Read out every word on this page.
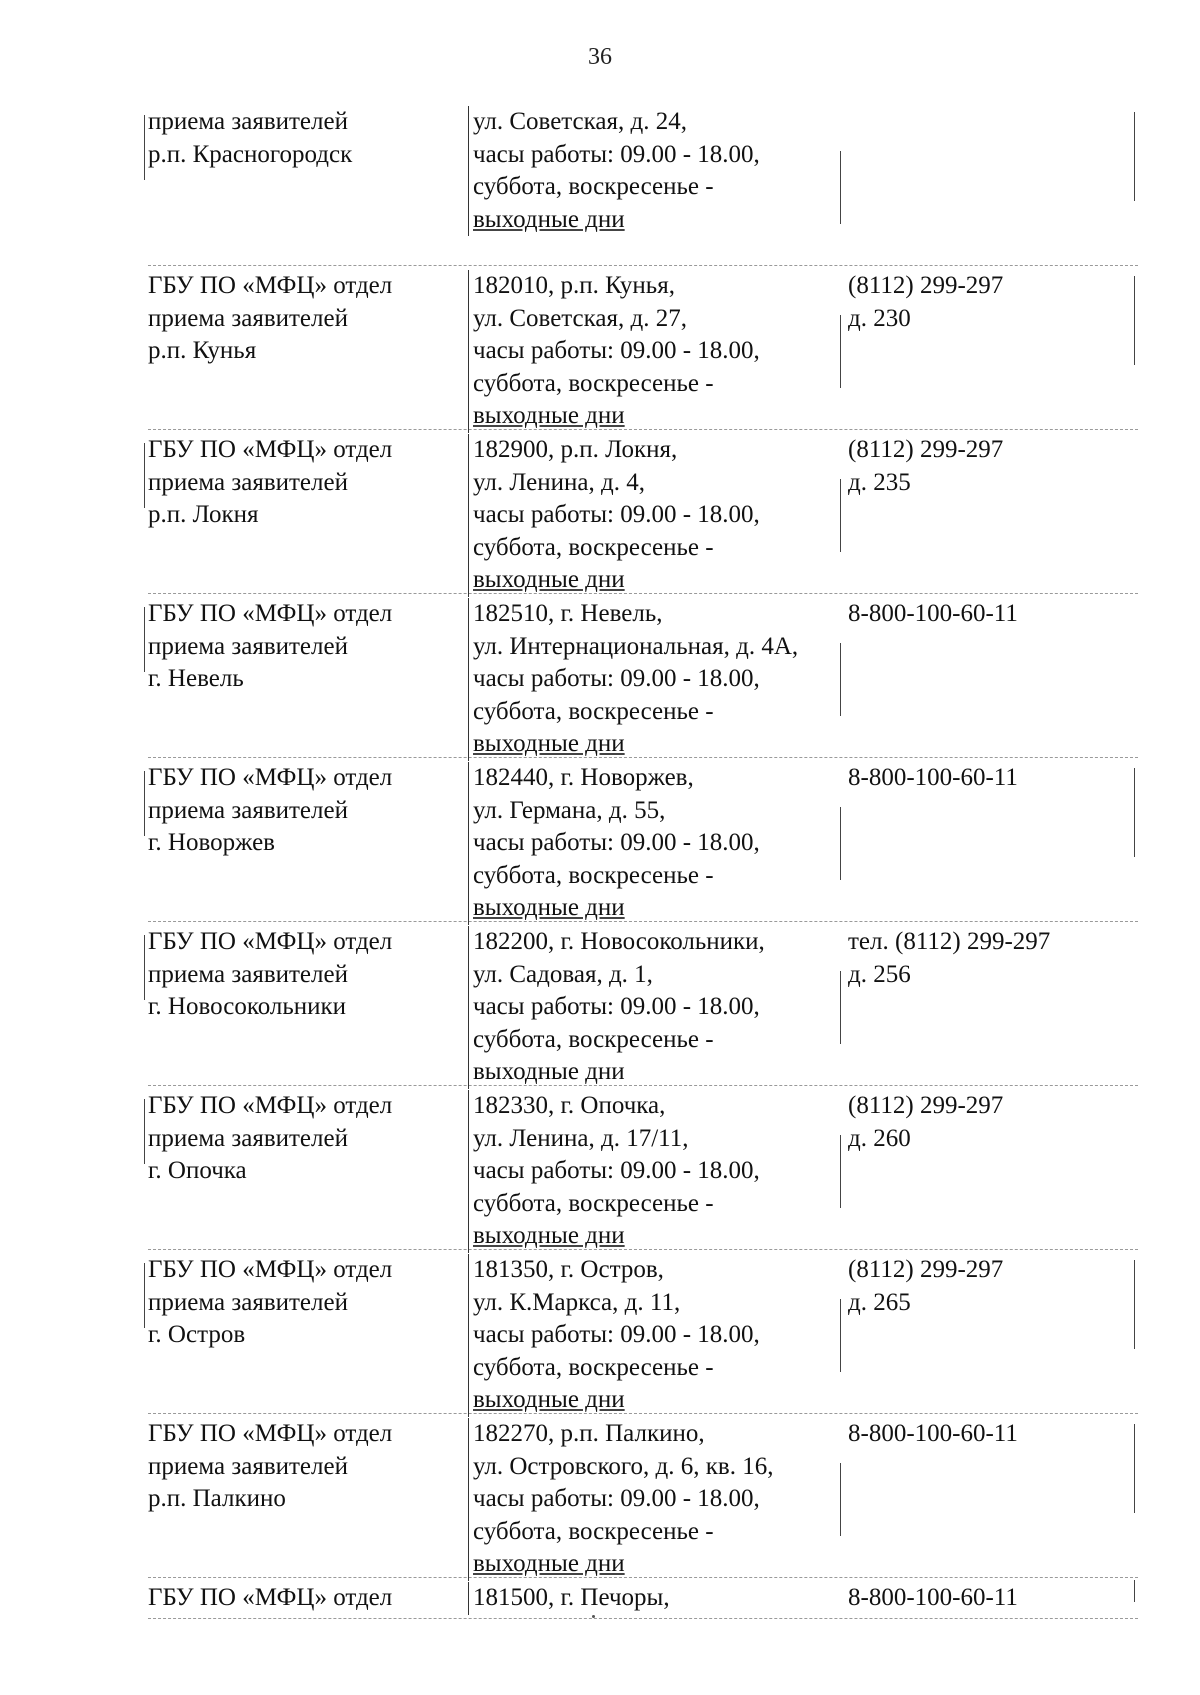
36
приема заявителей
р.п. Красногородск
ул. Советская, д. 24,
часы работы: 09.00 - 18.00,
суббота, воскресенье -
выходные дни
ГБУ ПО «МФЦ» отдел
приема заявителей
р.п. Кунья
182010, р.п. Кунья,
ул. Советская, д. 27,
часы работы: 09.00 - 18.00,
суббота, воскресенье -
выходные дни
(8112) 299-297
д. 230
ГБУ ПО «МФЦ» отдел
приема заявителей
р.п. Локня
182900, р.п. Локня,
ул. Ленина, д. 4,
часы работы: 09.00 - 18.00,
суббота, воскресенье -
выходные дни
(8112) 299-297
д. 235
ГБУ ПО «МФЦ» отдел
приема заявителей
г. Невель
182510, г. Невель,
ул. Интернациональная, д. 4А,
часы работы: 09.00 - 18.00,
суббота, воскресенье -
выходные дни
8-800-100-60-11
ГБУ ПО «МФЦ» отдел
приема заявителей
г. Новоржев
182440, г. Новоржев,
ул. Германа, д. 55,
часы работы: 09.00 - 18.00,
суббота, воскресенье -
выходные дни
8-800-100-60-11
ГБУ ПО «МФЦ» отдел
приема заявителей
г. Новосокольники
182200, г. Новосокольники,
ул. Садовая, д. 1,
часы работы: 09.00 - 18.00,
суббота, воскресенье -
выходные дни
тел. (8112) 299-297
д. 256
ГБУ ПО «МФЦ» отдел
приема заявителей
г. Опочка
182330, г. Опочка,
ул. Ленина, д. 17/11,
часы работы: 09.00 - 18.00,
суббота, воскресенье -
выходные дни
(8112) 299-297
д. 260
ГБУ ПО «МФЦ» отдел
приема заявителей
г. Остров
181350, г. Остров,
ул. К.Маркса, д. 11,
часы работы: 09.00 - 18.00,
суббота, воскресенье -
выходные дни
(8112) 299-297
д. 265
ГБУ ПО «МФЦ» отдел
приема заявителей
р.п. Палкино
182270, р.п. Палкино,
ул. Островского, д. 6, кв. 16,
часы работы: 09.00 - 18.00,
суббота, воскресенье -
выходные дни
8-800-100-60-11
ГБУ ПО «МФЦ» отдел	181500, г. Печоры,	8-800-100-60-11
